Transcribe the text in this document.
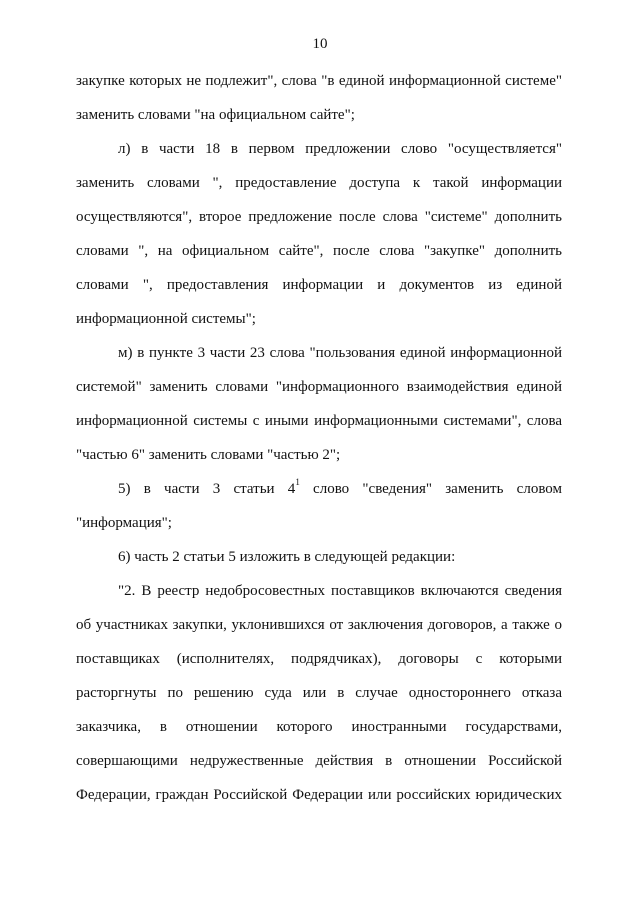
10
закупке которых не подлежит", слова "в единой информационной системе"
заменить словами "на официальном сайте";
л) в части 18 в первом предложении слово "осуществляется"
заменить словами ", предоставление доступа к такой информации
осуществляются", второе предложение после слова "системе" дополнить
словами ", на официальном сайте", после слова "закупке" дополнить
словами ", предоставления информации и документов из единой
информационной системы";
м) в пункте 3 части 23 слова "пользования единой информационной
системой" заменить словами "информационного взаимодействия единой
информационной системы с иными информационными системами", слова
"частью 6" заменить словами "частью 2";
5) в части 3 статьи $4^1$ слово "сведения" заменить словом
"информация";
6) часть 2 статьи 5 изложить в следующей редакции:
"2. В реестр недобросовестных поставщиков включаются сведения
об участниках закупки, уклонившихся от заключения договоров, а также о
поставщиках (исполнителях, подрядчиках), договоры с которыми
расторгнуты по решению суда или в случае одностороннего отказа
заказчика, в отношении которого иностранными государствами,
совершающими недружественные действия в отношении Российской
Федерации, граждан Российской Федерации или российских юридических
